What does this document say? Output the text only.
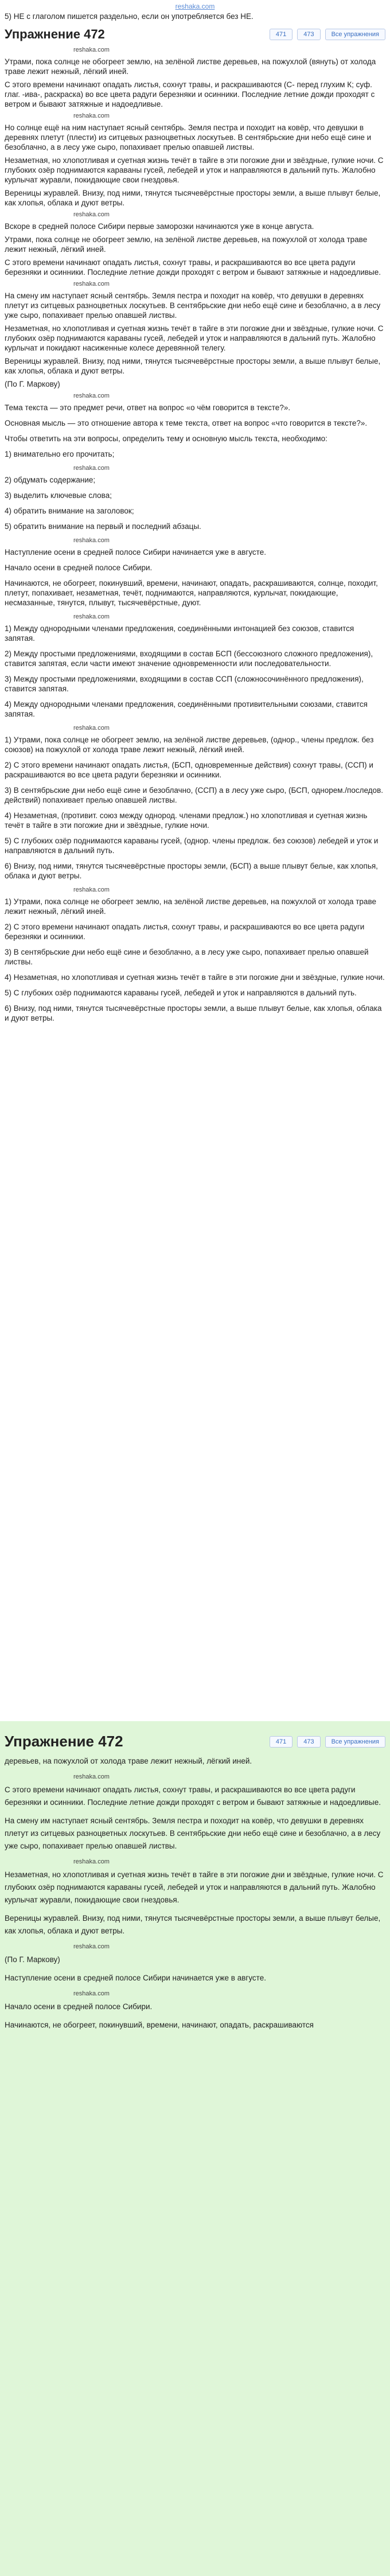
reshaka.com
5) НЕ с глаголом пишется раздельно, если он употребляется без НЕ.
Упражнение 472	471	473	Все упражнения
reshaka.com
Утрами, пока солнце не обогреет землю, на зелёной листве деревьев, на пожухлой (вянуть) от холода траве лежит нежный, лёгкий иней.
С этого времени начинают опадать листья, сохнут травы, и раскрашиваются (С- перед глухим К; суф. глаг. -ива-, раскраска) во все цвета радуги березняки и осинники. Последние летние дожди проходят с ветром и бывают затяжные и надоедливые.
reshaka.com
Но солнце ещё на ним наступает ясный сентябрь. Земля пестра и походит на ковёр, что девушки в деревнях плетут (плести) из ситцевых разноцветных лоскутьев. В сентябрьские дни небо ещё сине и безоблачно, а в лесу уже сыро, попахивает прелью опавшей листвы.
Незаметная, но хлопотливая и суетная жизнь течёт в тайге в эти погожие дни и звёздные, гулкие ночи. С глубоких озёр поднимаются караваны гусей, лебедей и уток и направляются в дальний путь. Жалобно курлычат журавли, покидающие свои гнездовья.
Вереницы журавлей. Внизу, под ними, тянутся тысячевёрстные просторы земли, а выше плывут белые, как хлопья, облака и дуют ветры.
reshaka.com
Вскоре в средней полосе Сибири первые заморозки начинаются уже в конце августа.
Утрами, пока солнце не обогреет землю, на зелёной листве деревьев, на пожухлой от холода траве лежит нежный, лёгкий иней.
С этого времени начинают опадать листья, сохнут травы, и раскрашиваются во все цвета радуги березняки и осинники. Последние летние дожди проходят с ветром и бывают затяжные и надоедливые.
reshaka.com
На смену им наступает ясный сентябрь. Земля пестра и походит на ковёр, что девушки в деревнях плетут из ситцевых разноцветных лоскутьев. В сентябрьские дни небо ещё сине и безоблачно, а в лесу уже сыро, попахивает прелью опавшей листвы.
Незаметная, но хлопотливая и суетная жизнь течёт в тайге в эти погожие дни и звёздные, гулкие ночи. С глубоких озёр поднимаются караваны гусей, лебедей и уток и направляются в дальний путь. Жалобно курлычат и покидают насиженные колесе деревянной телегу.
Вереницы журавлей. Внизу, под ними, тянутся тысячевёрстные просторы земли, а выше плывут белые, как хлопья, облака и дуют ветры.
(По Г. Маркову)
reshaka.com
Тема текста — это предмет речи, ответ на вопрос «о чём говорится в тексте?».
Основная мысль — это отношение автора к теме текста, ответ на вопрос «что говорится в тексте?».
Чтобы ответить на эти вопросы, определить тему и основную мысль текста, необходимо:
1) внимательно его прочитать;
reshaka.com
2) обдумать содержание;
3) выделить ключевые слова;
4) обратить внимание на заголовок;
5) обратить внимание на первый и последний абзацы.
reshaka.com
Наступление осени в средней полосе Сибири начинается уже в августе.
Начало осени в средней полосе Сибири.
Начинаются, не обогреет, покинувший, времени, начинают, опадать, раскрашиваются, солнце, походит, плетут, попахивает, незаметная, течёт, поднимаются, направляются, курлычат, покидающие, несмазанные, тянутся, плывут, тысячевёрстные, дуют.
reshaka.com
1) Между однородными членами предложения, соединёнными интонацией без союзов, ставится запятая.
2) Между простыми предложениями, входящими в состав БСП (бессоюзного сложного предложения), ставится запятая, если части имеют значение одновременности или последовательности.
3) Между простыми предложениями, входящими в состав ССП (сложносочинённого предложения), ставится запятая.
4) Между однородными членами предложения, соединёнными противительными союзами, ставится запятая.
reshaka.com
1) Утрами, пока солнце не обогреет землю, на зелёной листве деревьев, (однор., члены предлож. без союзов) на пожухлой от холода траве лежит нежный, лёгкий иней.
2) С этого времени начинают опадать листья, (БСП, одновременные действия) сохнут травы, (ССП) и раскрашиваются во все цвета радуги березняки и осинники.
3) В сентябрьские дни небо ещё сине и безоблачно, (ССП) а в лесу уже сыро, (БСП, однорем./последов. действий) попахивает прелью опавшей листвы.
4) Незаметная, (противит. союз между однород. членами предлож.) но хлопотливая и суетная жизнь течёт в тайге в эти погожие дни и звёздные, гулкие ночи.
5) С глубоких озёр поднимаются караваны гусей, (однор. члены предлож. без союзов) лебедей и уток и направляются в дальний путь.
6) Внизу, под ними, тянутся тысячевёрстные просторы земли, (БСП) а выше плывут белые, как хлопья, облака и дуют ветры.
reshaka.com
1) Утрами, пока солнце не обогреет землю, на зелёной листве деревьев, на пожухлой от холода траве лежит нежный, лёгкий иней.
2) С этого времени начинают опадать листья, сохнут травы, и раскрашиваются во все цвета радуги березняки и осинники.
3) В сентябрьские дни небо ещё сине и безоблачно, а в лесу уже сыро, попахивает прелью опавшей листвы.
4) Незаметная, но хлопотливая и суетная жизнь течёт в тайге в эти погожие дни и звёздные, гулкие ночи.
5) С глубоких озёр поднимаются караваны гусей, лебедей и уток и направляются в дальний путь.
6) Внизу, под ними, тянутся тысячевёрстные просторы земли, а выше плывут белые, как хлопья, облака и дуют ветры.
Упражнение 472	471	473	Все упражнения
деревьев, на пожухлой от холода траве лежит нежный, лёгкий иней.
reshaka.com
С этого времени начинают опадать листья, сохнут травы, и раскрашиваются во все цвета радуги березняки и осинники. Последние летние дожди проходят с ветром и бывают затяжные и надоедливые.
На смену им наступает ясный сентябрь. Земля пестра и походит на ковёр, что девушки в деревнях плетут из ситцевых разноцветных лоскутьев. В сентябрьские дни небо ещё сине и безоблачно, а в лесу уже сыро, попахивает прелью опавшей листвы.
reshaka.com
Незаметная, но хлопотливая и суетная жизнь течёт в тайге в эти погожие дни и звёздные, гулкие ночи. С глубоких озёр поднимаются караваны гусей, лебедей и уток и направляются в дальний путь. Жалобно курлычат журавли, покидающие свои гнездовья.
Вереницы журавлей. Внизу, под ними, тянутся тысячевёрстные просторы земли, а выше плывут белые, как хлопья, облака и дуют ветры.
reshaka.com
(По Г. Маркову)
Наступление осени в средней полосе Сибири начинается уже в августе.
reshaka.com
Начало осени в средней полосе Сибири.
Начинаются, не обогреет, покинувший, времени, начинают, опадать, раскрашиваются
